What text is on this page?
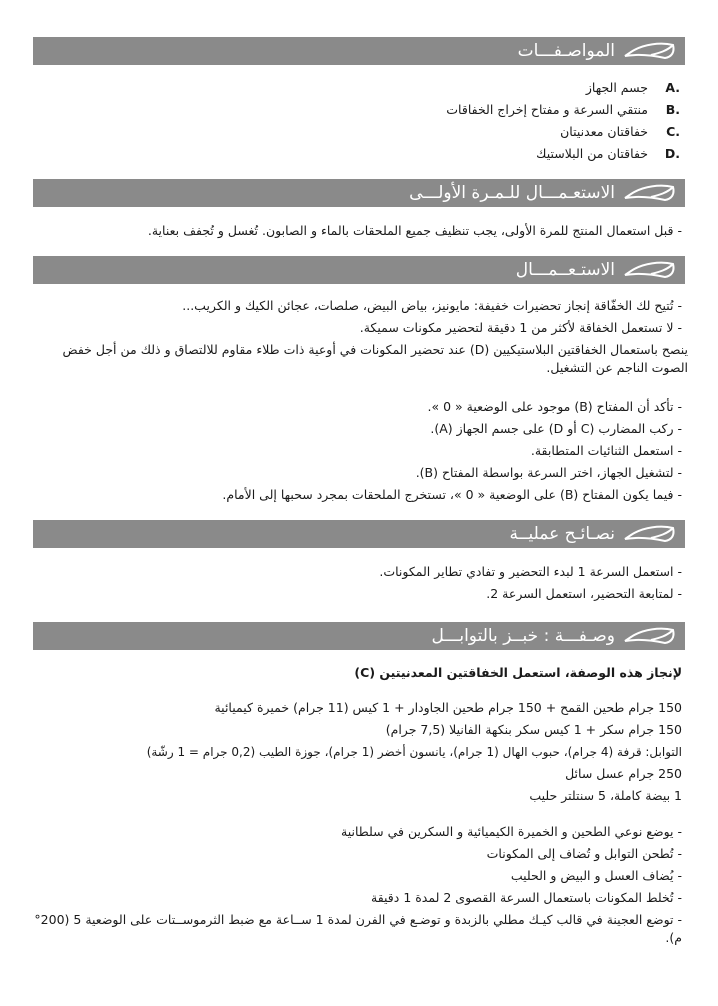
المواصـفـــات
A.جسم الجهاز
B.منتقي السرعة و مفتاح إخراج الخفاقات
C.خفاقتان معدنيتان
D.خفاقتان من البلاستيك
الاستعـمـــال للـمـرة الأولـــى
- قبل استعمال المنتج للمرة الأولى، يجب تنظيف جميع الملحقات بالماء و الصابون. تُغسل و تُجفف بعناية.
الاستـعــمـــال
- تُتيح لك الخفّاقة إنجاز تحضيرات خفيفة: مايونيز، بياض البيض، صلصات، عجائن الكيك و الكريب...
- لا تستعمل الخفاقة لأكثر من 1 دقيقة لتحضير مكونات سميكة.
ينصح باستعمال الخفاقتين البلاستيكيين (D) عند تحضير المكونات في أوعية ذات طلاء مقاوم للالتصاق و ذلك من أجل خفض الصوت الناجم عن التشغيل.
- تأكد أن المفتاح (B) موجود على الوضعية « 0 ».
- ركب المضارب (C أو D) على جسم الجهاز (A).
- استعمل الثنائيات المتطابقة.
- لتشغيل الجهاز، اختر السرعة بواسطة المفتاح (B).
- فيما يكون المفتاح (B) على الوضعية « 0 »، تستخرج الملحقات بمجرد سحبها إلى الأمام.
نصـائـح عمليــة
- استعمل السرعة 1 لبدء التحضير و تفادي تطاير المكونات.
- لمتابعة التحضير، استعمل السرعة 2.
وصـفـــة : خبــز بالتوابـــل
لإنجاز هذه الوصفة، استعمل الخفاقتين المعدنيتين (C)
150 جرام طحين القمح + 150 جرام طحين الجاودار + 1 كيس (11 جرام) خميرة كيميائية
150 جرام سكر + 1 كيس سكر بنكهة الفانيلا (7,5 جرام)
التوابل: قرفة (4 جرام)، حبوب الهال (1 جرام)، يانسون أخضر (1 جرام)، جوزة الطيب (0,2 جرام = 1 رشّة)
250 جرام عسل سائل
1 بيضة كاملة، 5 سنتلتر حليب
- يوضع نوعي الطحين و الخميرة الكيميائية و السكرين في سلطانية
- تُطحن التوابل و تُضاف إلى المكونات
- يُضاف العسل و البيض و الحليب
- تُخلط المكونات باستعمال السرعة القصوى 2 لمدة 1 دقيقة
- توضع العجينة في قالب كيـك مطلي بالزبدة و توضـع في الفرن لمدة 1 ســاعة مع ضبط الثرموســتات على الوضعية 5 (200° م).
